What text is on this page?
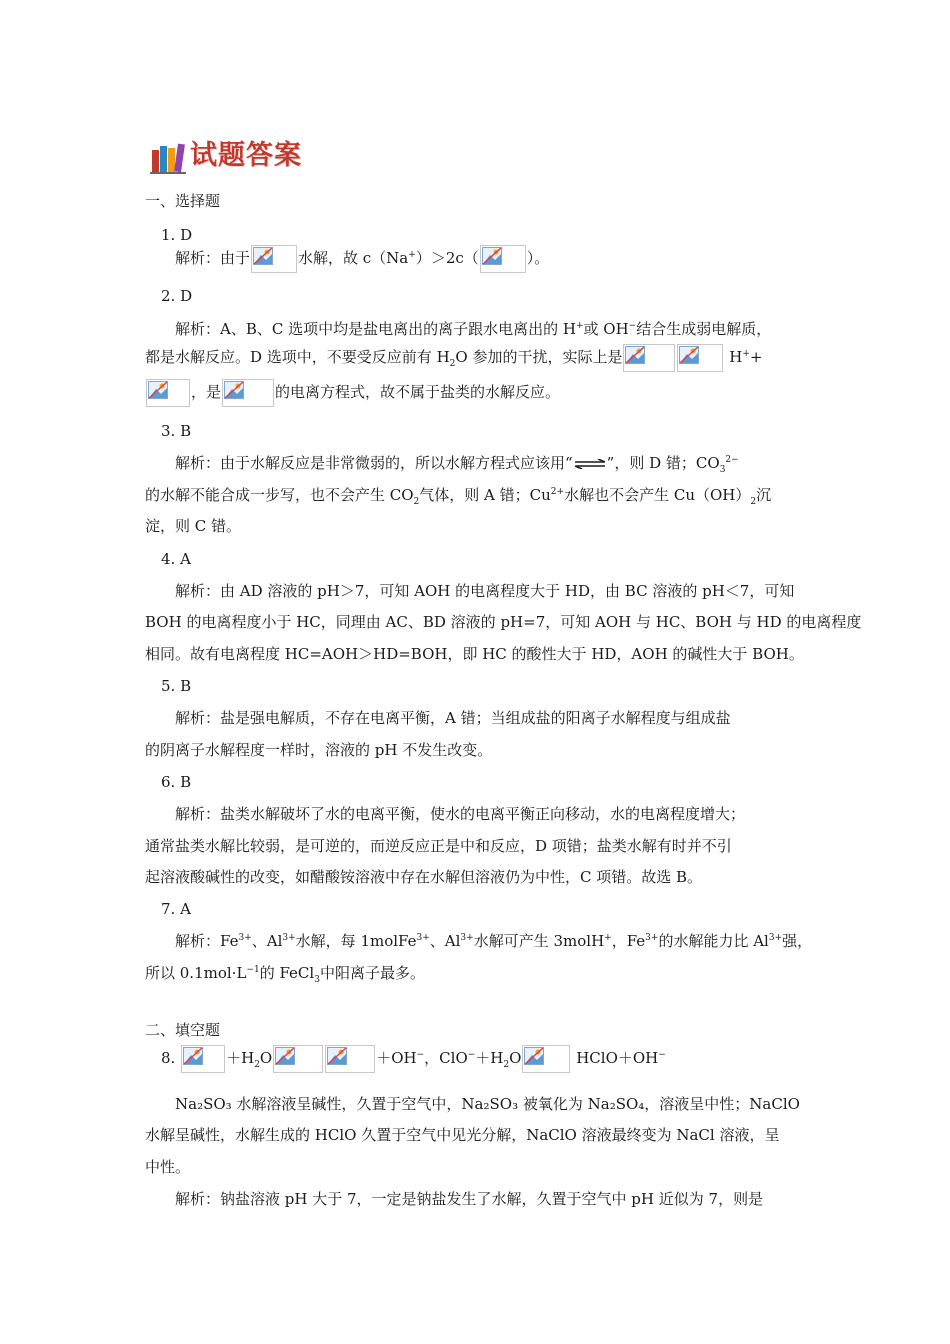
试题答案

一、选择题

1. D

解析：由于	水解，故 c（Na+）＞2c（	）。

2. D

解析：A、B、C 选项中均是盐电离出的离子跟水电离出的 H+或 OH−结合生成弱电解质，

都是水解反应。D 选项中，不要受反应前有 $H_2O$ 参加的干扰，实际上是	H++

，是	的电离方程式，故不属于盐类的水解反应。

3. B

解析：由于水解反应是非常微弱的，所以水解方程式应该用“⇌”，则 D 错；$CO_3^{2-}$

的水解不能合成一步写，也不会产生 $CO_2$气体，则 A 错；$Cu^{2+}$水解也不会产生 $Cu(OH)_2$沉

淀，则 C 错。

4. A

解析：由 AD 溶液的 pH＞7，可知 AOH 的电离程度大于 HD，由 BC 溶液的 pH＜7，可知

BOH 的电离程度小于 HC，同理由 AC、BD 溶液的 pH=7，可知 AOH 与 HC、BOH 与 HD 的电离程度

相同。故有电离程度 HC=AOH＞HD=BOH，即 HC 的酸性大于 HD，AOH 的碱性大于 BOH。

5. B

解析：盐是强电解质，不存在电离平衡，A 错；当组成盐的阳离子水解程度与组成盐

的阴离子水解程度一样时，溶液的 pH 不发生改变。

6. B

解析：盐类水解破坏了水的电离平衡，使水的电离平衡正向移动，水的电离程度增大；

通常盐类水解比较弱，是可逆的，而逆反应正是中和反应，D 项错；盐类水解有时并不引

起溶液酸碱性的改变，如醋酸铵溶液中存在水解但溶液仍为中性，C 项错。故选 B。

7. A

解析：$Fe^{3+}$、$Al^{3+}$水解，每 1molFe$^{3+}$、$Al^{3+}$水解可产生 3molH+，$Fe^{3+}$的水解能力比 $Al^{3+}$强，

所以 $0.1mol\cdot L^{-1}$的 FeCl$_3$中阳离子最多。

二、填空题

8.	$+H_2O$	＋OH−，$ClO^-+H_2O$	HClO＋OH−

Na₂SO₃ 水解溶液呈碱性，久置于空气中，Na₂SO₃ 被氧化为 Na₂SO₄，溶液呈中性；NaClO

水解呈碱性，水解生成的 HClO 久置于空气中见光分解，NaClO 溶液最终变为 NaCl 溶液，呈

中性。

解析：钠盐溶液 pH 大于 7，一定是钠盐发生了水解，久置于空气中 pH 近似为 7，则是
